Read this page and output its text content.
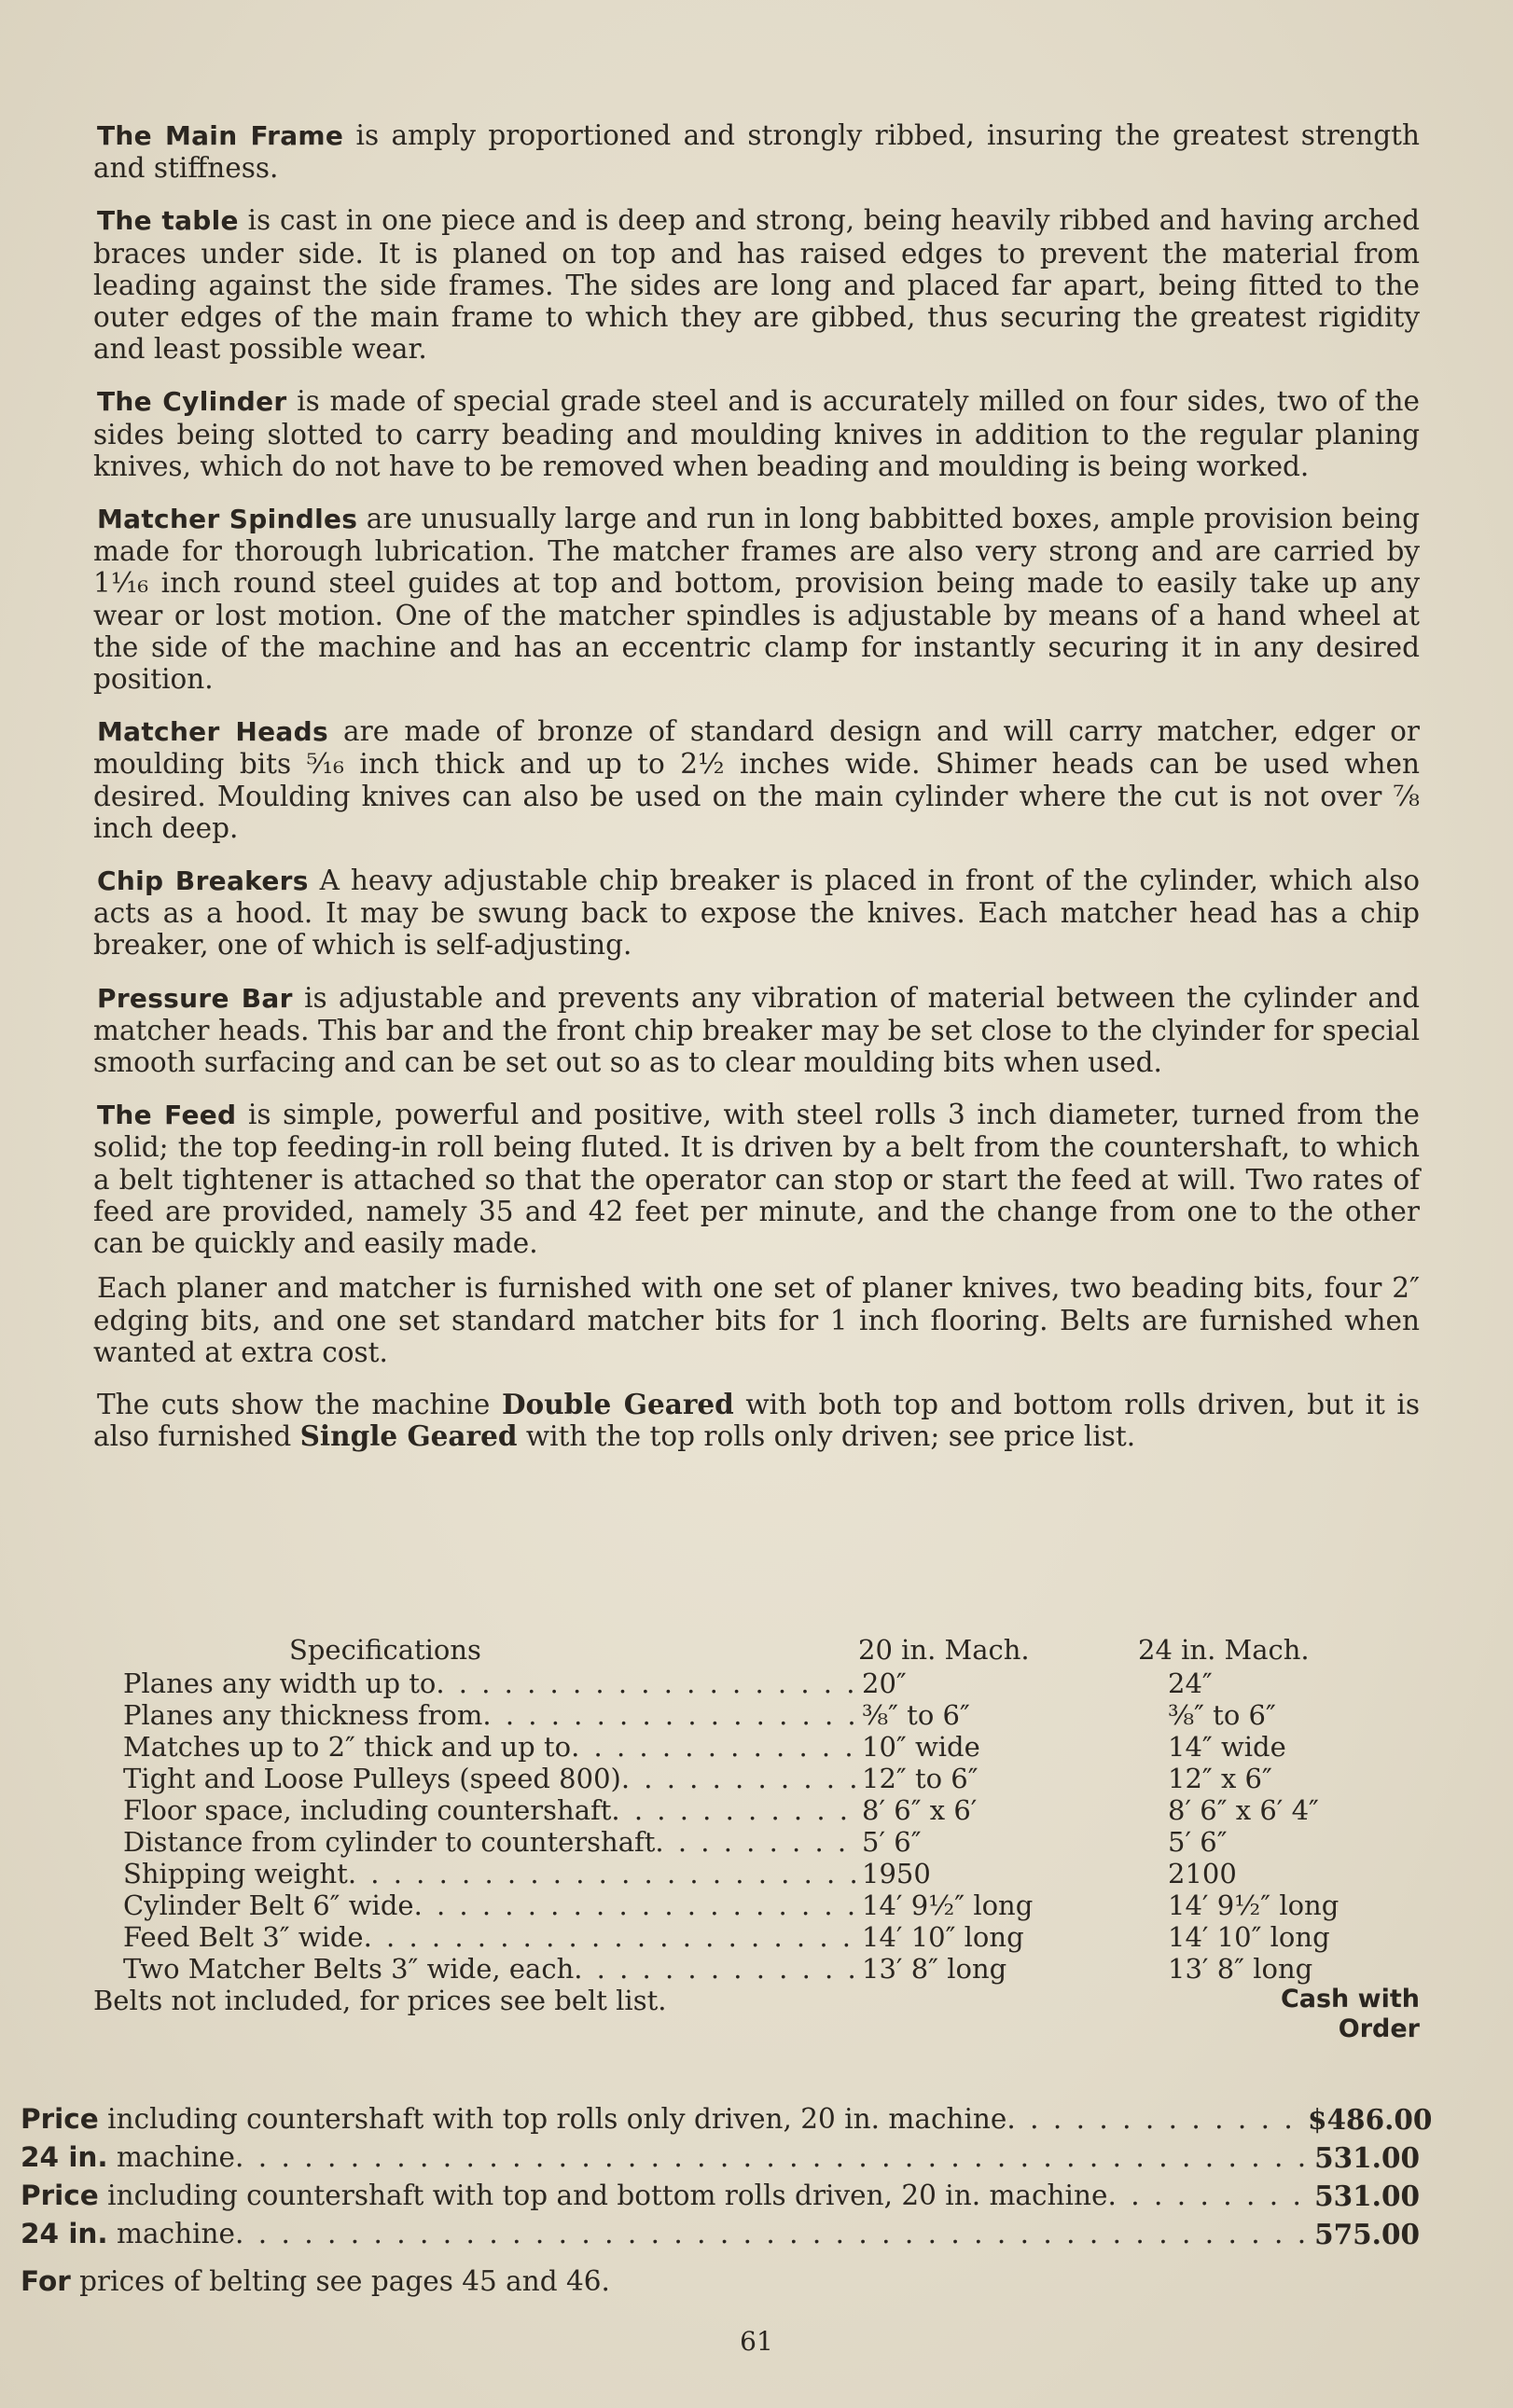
The Main Frame is amply proportioned and strongly ribbed, insuring the greatest strength and stiffness.

The table is cast in one piece and is deep and strong, being heavily ribbed and having arched braces under side. It is planed on top and has raised edges to prevent the material from leading against the side frames. The sides are long and placed far apart, being fitted to the outer edges of the main frame to which they are gibbed, thus securing the greatest rigidity and least possible wear.

The Cylinder is made of special grade steel and is accurately milled on four sides, two of the sides being slotted to carry beading and moulding knives in addition to the regular planing knives, which do not have to be removed when beading and moulding is being worked.

Matcher Spindles are unusually large and run in long babbitted boxes, ample provision being made for thorough lubrication. The matcher frames are also very strong and are carried by 1¹⁄₁₆ inch round steel guides at top and bottom, provision being made to easily take up any wear or lost motion. One of the matcher spindles is adjustable by means of a hand wheel at the side of the machine and has an eccentric clamp for instantly securing it in any desired position.

Matcher Heads are made of bronze of standard design and will carry matcher, edger or moulding bits ⁵⁄₁₆ inch thick and up to 2½ inches wide. Shimer heads can be used when desired. Moulding knives can also be used on the main cylinder where the cut is not over ⅞ inch deep.

Chip Breakers A heavy adjustable chip breaker is placed in front of the cylinder, which also acts as a hood. It may be swung back to expose the knives. Each matcher head has a chip breaker, one of which is self-adjusting.

Pressure Bar is adjustable and prevents any vibration of material between the cylinder and matcher heads. This bar and the front chip breaker may be set close to the clyinder for special smooth surfacing and can be set out so as to clear moulding bits when used.

The Feed is simple, powerful and positive, with steel rolls 3 inch diameter, turned from the solid; the top feeding-in roll being fluted. It is driven by a belt from the countershaft, to which a belt tightener is attached so that the operator can stop or start the feed at will. Two rates of feed are provided, namely 35 and 42 feet per minute, and the change from one to the other can be quickly and easily made.

Each planer and matcher is furnished with one set of planer knives, two beading bits, four 2″ edging bits, and one set standard matcher bits for 1 inch flooring. Belts are furnished when wanted at extra cost.

The cuts show the machine Double Geared with both top and bottom rolls driven, but it is also furnished Single Geared with the top rolls only driven; see price list.

Specifications	20 in. Mach.	24 in. Mach.
Planes any width up to . . .	20″	24″
Planes any thickness from . . .	⅜″ to 6″	⅜″ to 6″
Matches up to 2″ thick and up to . . .	10″ wide	14″ wide
Tight and Loose Pulleys (speed 800) . . .	12″ to 6″	12″ x 6″
Floor space, including countershaft . . .	8′ 6″ x 6′	8′ 6″ x 6′ 4″
Distance from cylinder to countershaft . . .	5′ 6″	5′ 6″
Shipping weight . . .	1950	2100
Cylinder Belt 6″ wide . . .	14′ 9½″ long	14′ 9½″ long
Feed Belt 3″ wide . . .	14′ 10″ long	14′ 10″ long
Two Matcher Belts 3″ wide, each . . .	13′ 8″ long	13′ 8″ long
Belts not included, for prices see belt list.	Cash with Order
Price including countershaft with top rolls only driven, 20 in. machine . . .	$486.00
24 in. machine . . .	531.00
Price including countershaft with top and bottom rolls driven, 20 in. machine . . .	531.00
24 in. machine . . .	575.00
For prices of belting see pages 45 and 46.
61
